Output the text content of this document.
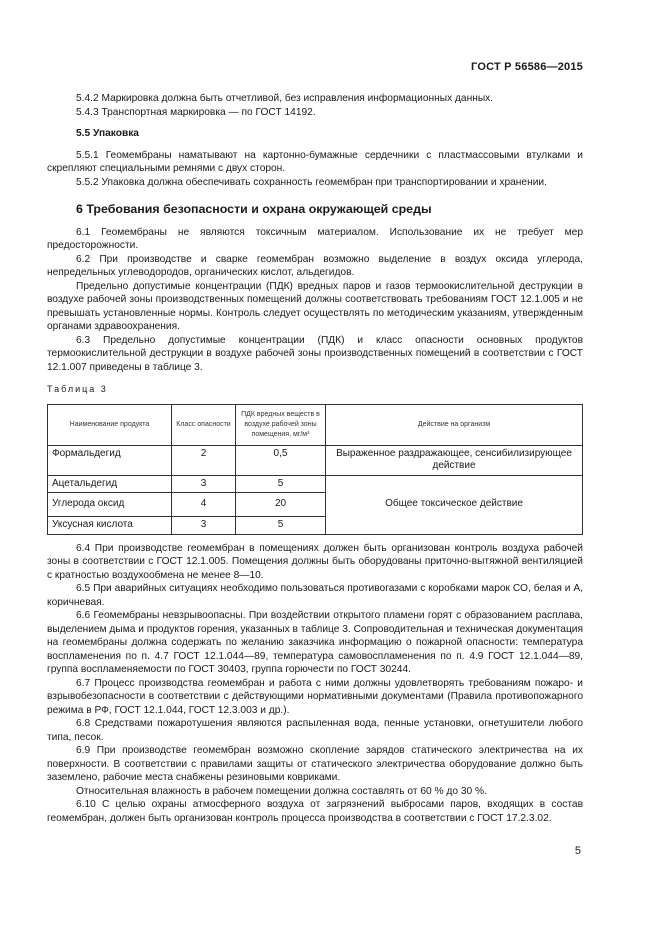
ГОСТ Р 56586—2015

5.4.2 Маркировка должна быть отчетливой, без исправления информационных данных.

5.4.3 Транспортная маркировка — по ГОСТ 14192.

5.5 Упаковка

5.5.1 Геомембраны наматывают на картонно-бумажные сердечники с пластмассовыми втулками и скрепляют специальными ремнями с двух сторон.

5.5.2 Упаковка должна обеспечивать сохранность геомембран при транспортировании и хранении.

6 Требования безопасности и охрана окружающей среды

6.1 Геомембраны не являются токсичным материалом. Использование их не требует мер предосторожности.

6.2 При производстве и сварке геомембран возможно выделение в воздух оксида углерода, непредельных углеводородов, органических кислот, альдегидов.

Предельно допустимые концентрации (ПДК) вредных паров и газов термоокислительной деструкции в воздухе рабочей зоны производственных помещений должны соответствовать требованиям ГОСТ 12.1.005 и не превышать установленные нормы. Контроль следует осуществлять по методическим указаниям, утвержденным органами здравоохранения.

6.3 Предельно допустимые концентрации (ПДК) и класс опасности основных продуктов термоокислительной деструкции в воздухе рабочей зоны производственных помещений в соответствии с ГОСТ 12.1.007 приведены в таблице 3.

Таблица 3
Наименование продукта	Класс опасности	ПДК вредных веществ в воздухе рабочей зоны помещения, мг/м³	Действие на организм
Формальдегид	2	0,5	Выраженное раздражающее, сенсибилизирующее действие
Ацетальдегид	3	5	Общее токсическое действие
Углерода оксид	4	20	
Уксусная кислота	3	5	

6.4 При производстве геомембран в помещениях должен быть организован контроль воздуха рабочей зоны в соответствии с ГОСТ 12.1.005. Помещения должны быть оборудованы приточно-вытяжной вентиляцией с кратностью воздухообмена не менее 8—10.

6.5 При аварийных ситуациях необходимо пользоваться противогазами с коробками марок СО, белая и А, коричневая.

6.6 Геомембраны невзрывоопасны. При воздействии открытого пламени горят с образованием расплава, выделением дыма и продуктов горения, указанных в таблице 3. Сопроводительная и техническая документация на геомембраны должна содержать по желанию заказчика информацию о пожарной опасности: температура воспламенения по п. 4.7 ГОСТ 12.1.044—89, температура самовоспламенения по п. 4.9 ГОСТ 12.1.044—89, группа воспламеняемости по ГОСТ 30403, группа горючести по ГОСТ 30244.

6.7 Процесс производства геомембран и работа с ними должны удовлетворять требованиям пожаро- и взрывобезопасности в соответствии с действующими нормативными документами (Правила противопожарного режима в РФ, ГОСТ 12.1.044, ГОСТ 12.3.003 и др.).

6.8 Средствами пожаротушения являются распыленная вода, пенные установки, огнетушители любого типа, песок.

6.9 При производстве геомембран возможно скопление зарядов статического электричества на их поверхности. В соответствии с правилами защиты от статического электричества оборудование должно быть заземлено, рабочие места снабжены резиновыми ковриками.

Относительная влажность в рабочем помещении должна составлять от 60 % до 30 %.

6.10 С целью охраны атмосферного воздуха от загрязнений выбросами паров, входящих в состав геомембран, должен быть организован контроль процесса производства в соответствии с ГОСТ 17.2.3.02.

5
